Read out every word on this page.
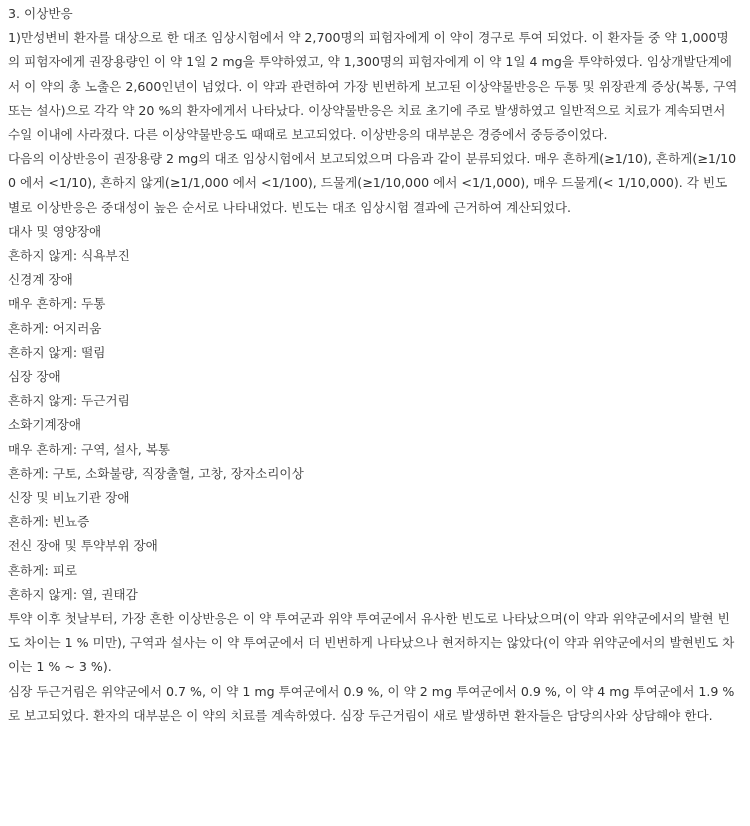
3. 이상반응

1)만성변비 환자를 대상으로 한 대조 임상시험에서 약 2,700명의 피험자에게 이 약이 경구로 투여 되었다. 이 환자들 중 약 1,000명의 피험자에게 권장용량인 이 약 1일 2 mg을 투약하였고, 약 1,300명의 피험자에게 이 약 1일 4 mg을 투약하였다. 임상개발단계에서 이 약의 총 노출은 2,600인년이 넘었다. 이 약과 관련하여 가장 빈번하게 보고된 이상약물반응은 두통 및 위장관계 증상(복통, 구역 또는 설사)으로 각각 약 20 %의 환자에게서 나타났다. 이상약물반응은 치료 초기에 주로 발생하였고 일반적으로 치료가 계속되면서 수일 이내에 사라졌다. 다른 이상약물반응도 때때로 보고되었다. 이상반응의 대부분은 경증에서 중등증이었다.

다음의 이상반응이 권장용량 2 mg의 대조 임상시험에서 보고되었으며 다음과 같이 분류되었다. 매우 흔하게(≥1/10), 흔하게(≥1/100 에서 <1/10), 흔하지 않게(≥1/1,000 에서 <1/100), 드물게(≥1/10,000 에서 <1/1,000), 매우 드물게(< 1/10,000). 각 빈도별로 이상반응은 중대성이 높은 순서로 나타내었다. 빈도는 대조 임상시험 결과에 근거하여 계산되었다.

대사 및 영양장애

흔하지 않게: 식욕부진

신경계 장애

매우 흔하게: 두통

흔하게: 어지러움

흔하지 않게: 떨림

심장 장애

흔하지 않게: 두근거림

소화기계장애

매우 흔하게: 구역, 설사, 복통

흔하게: 구토, 소화불량, 직장출혈, 고창, 장자소리이상

신장 및 비뇨기관 장애

흔하게: 빈뇨증

전신 장애 및 투약부위 장애

흔하게: 피로

흔하지 않게: 열, 권태감

투약 이후 첫날부터, 가장 흔한 이상반응은 이 약 투여군과 위약 투여군에서 유사한 빈도로 나타났으며(이 약과 위약군에서의 발현 빈도 차이는 1 % 미만), 구역과 설사는 이 약 투여군에서 더 빈번하게 나타났으나 현저하지는 않았다(이 약과 위약군에서의 발현빈도 차이는 1 % ~ 3 %).

심장 두근거림은 위약군에서 0.7 %, 이 약 1 mg 투여군에서 0.9 %, 이 약 2 mg 투여군에서 0.9 %, 이 약 4 mg 투여군에서 1.9 %로 보고되었다. 환자의 대부분은 이 약의 치료를 계속하였다. 심장 두근거림이 새로 발생하면 환자들은 담당의사와 상담해야 한다.
